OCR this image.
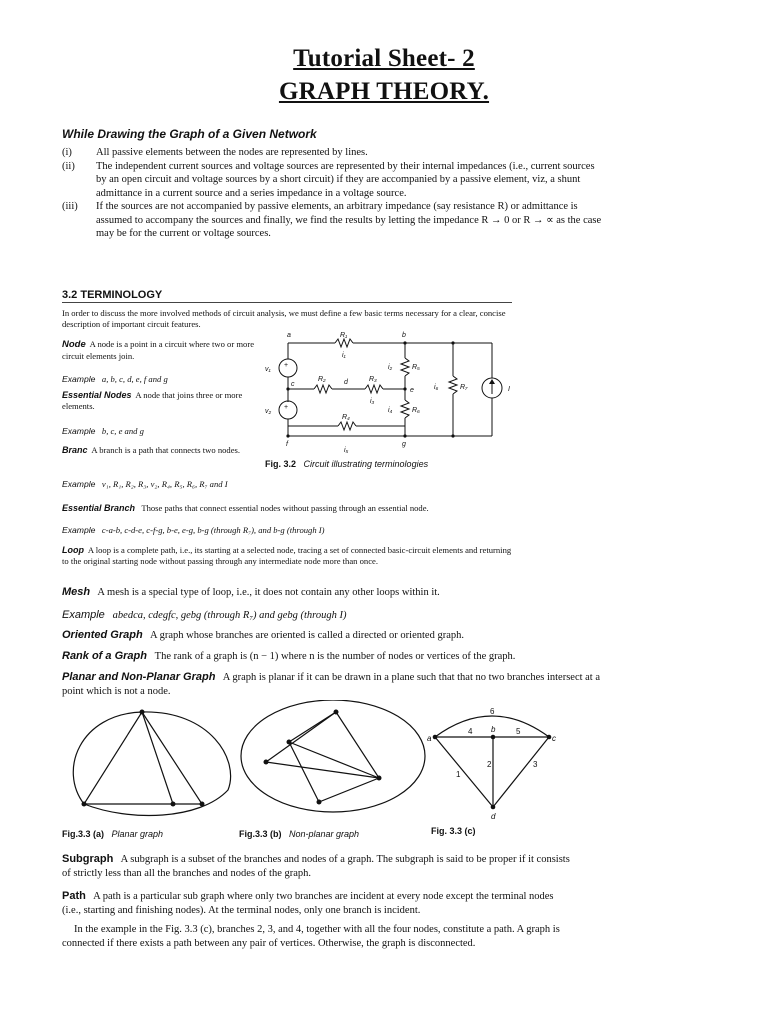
Tutorial Sheet- 2
GRAPH THEORY.
While Drawing the Graph of a Given Network
(i)	All passive elements between the nodes are represented by lines.
(ii)	The independent current sources and voltage sources are represented by their internal impedances (i.e., current sources by an open circuit and voltage sources by a short circuit) if they are accompanied by a passive element, viz, a shunt admittance in a current source and a series impedance in a voltage source.
(iii)	If the sources are not accompanied by passive elements, an arbitrary impedance (say resistance R) or admittance is assumed to accompany the sources and finally, we find the results by letting the impedance R → 0 or R → ∝ as the case may be for the current or voltage sources.
3.2 TERMINOLOGY
In order to discuss the more involved methods of circuit analysis, we must define a few basic terms necessary for a clear, concise description of important circuit features.
Node A node is a point in a circuit where two or more circuit elements join.
Example a, b, c, d, e, f and g
Essential Nodes A node that joins three or more elements.
Example b, c, e and g
Branc A branch is a path that connects two nodes.
+
+
a	b
c	d
e
f	g
R₁
i₁
R₂	R₃
i₃
R₄
i₅
R₅
i₂
R₆
i₄
R₇
i₆
v₁
v₂
I
Fig. 3.2 Circuit illustrating terminologies
Example v₁, R₁, R₂, R₃, v₂, R₄, R₅, R₆, R₇ and I
Essential Branch Those paths that connect essential nodes without passing through an essential node.
Example c-a-b, c-d-e, c-f-g, b-e, e-g, b-g (through R₇), and b-g (through I)
Loop A loop is a complete path, i.e., its starting at a selected node, tracing a set of connected basic-circuit elements and returning to the original starting node without passing through any intermediate node more than once.
Mesh A mesh is a special type of loop, i.e., it does not contain any other loops within it.
Example abedca, cdegfc, gebg (through R₇) and gebg (through I)
Oriented Graph A graph whose branches are oriented is called a directed or oriented graph.
Rank of a Graph The rank of a graph is (n − 1) where n is the number of nodes or vertices of the graph.
Planar and Non-Planar Graph A graph is planar if it can be drawn in a plane such that that no two branches intersect at a point which is not a node.
a
b
c
d
1
2	3
4	5
6
Fig.3.3 (a) Planar graph	Fig.3.3 (b) Non-planar graph	Fig. 3.3 (c)
Subgraph A subgraph is a subset of the branches and nodes of a graph. The subgraph is said to be proper if it consists of strictly less than all the branches and nodes of the graph.
Path A path is a particular sub graph where only two branches are incident at every node except the terminal nodes (i.e., starting and finishing nodes). At the terminal nodes, only one branch is incident.
In the example in the Fig. 3.3 (c), branches 2, 3, and 4, together with all the four nodes, constitute a path. A graph is connected if there exists a path between any pair of vertices. Otherwise, the graph is disconnected.
